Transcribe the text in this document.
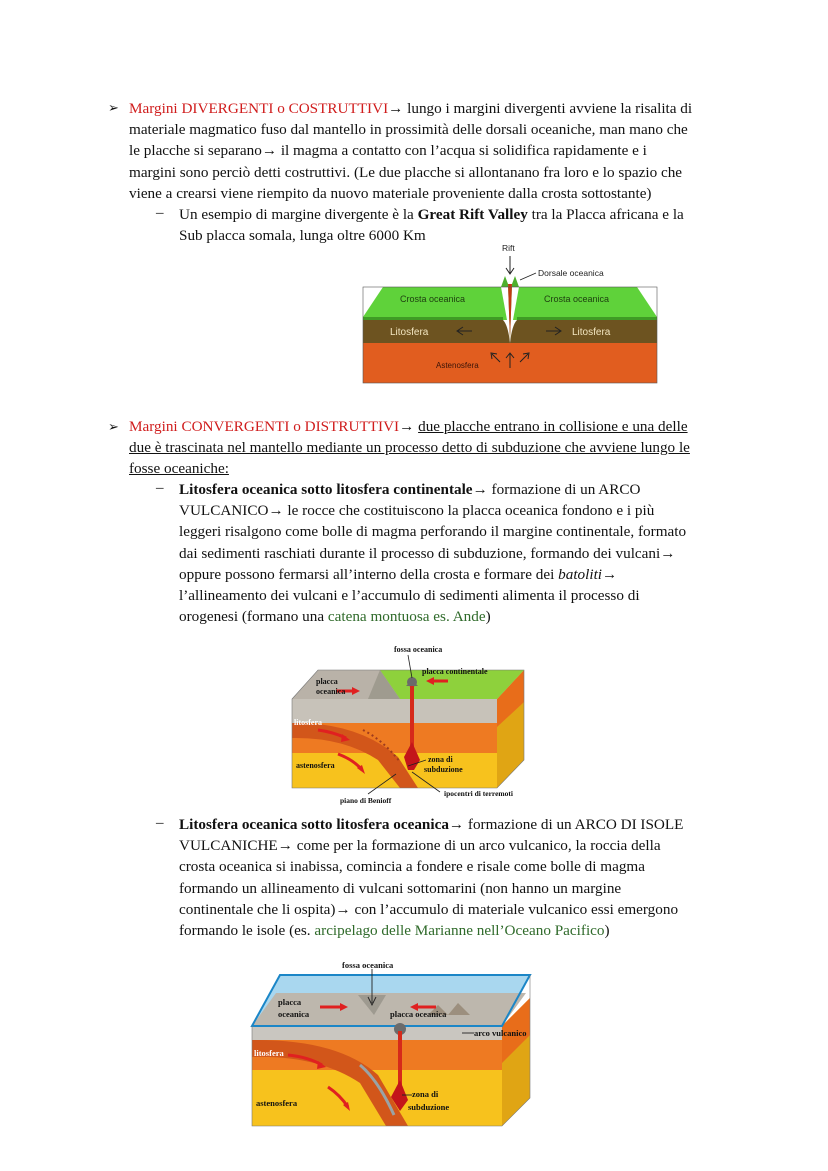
➢ Margini DIVERGENTI o COSTRUTTIVI→ lungo i margini divergenti avviene la risalita di
materiale magmatico fuso dal mantello in prossimità delle dorsali oceaniche, man mano che
le placche si separano→ il magma a contatto con l’acqua si solidifica rapidamente e i
margini sono perciò detti costruttivi. (Le due placche si allontanano fra loro e lo spazio che
viene a crearsi viene riempito da nuovo materiale proveniente dalla crosta sottostante)
– Un esempio di margine divergente è la Great Rift Valley tra la Placca africana e la
Sub placca somala, lunga oltre 6000 Km
Rift
Dorsale oceanica
Crosta oceanica	Crosta oceanica
Litosfera	Litosfera
Astenosfera
➢ Margini CONVERGENTI o DISTRUTTIVI→ due placche entrano in collisione e una delle
due è trascinata nel mantello mediante un processo detto di subduzione che avviene lungo le
fosse oceaniche:
– Litosfera oceanica sotto litosfera continentale→ formazione di un ARCO
VULCANICO→ le rocce che costituiscono la placca oceanica fondono e i più
leggeri risalgono come bolle di magma perforando il margine continentale, formato
dai sedimenti raschiati durante il processo di subduzione, formando dei vulcani→
oppure possono fermarsi all’interno della crosta e formare dei batoliti→
l’allineamento dei vulcani e l’accumulo di sedimenti alimenta il processo di
orogenesi (formano una catena montuosa es. Ande)
fossa oceanica
placca continentale
placca
oceanica
litosfera
astenosfera
zona di
subduzione
ipocentri di terremoti
piano di Benioff
– Litosfera oceanica sotto litosfera oceanica→ formazione di un ARCO DI ISOLE
VULCANICHE→ come per la formazione di un arco vulcanico, la roccia della
crosta oceanica si inabissa, comincia a fondere e risale come bolle di magma
formando un allineamento di vulcani sottomarini (non hanno un margine
continentale che li ospita)→ con l’accumulo di materiale vulcanico essi emergono
formando le isole (es. arcipelago delle Marianne nell’Oceano Pacifico)
fossa oceanica
placca
oceanica	placca oceanica
arco vulcanico
litosfera
astenosfera
zona di
subduzione
